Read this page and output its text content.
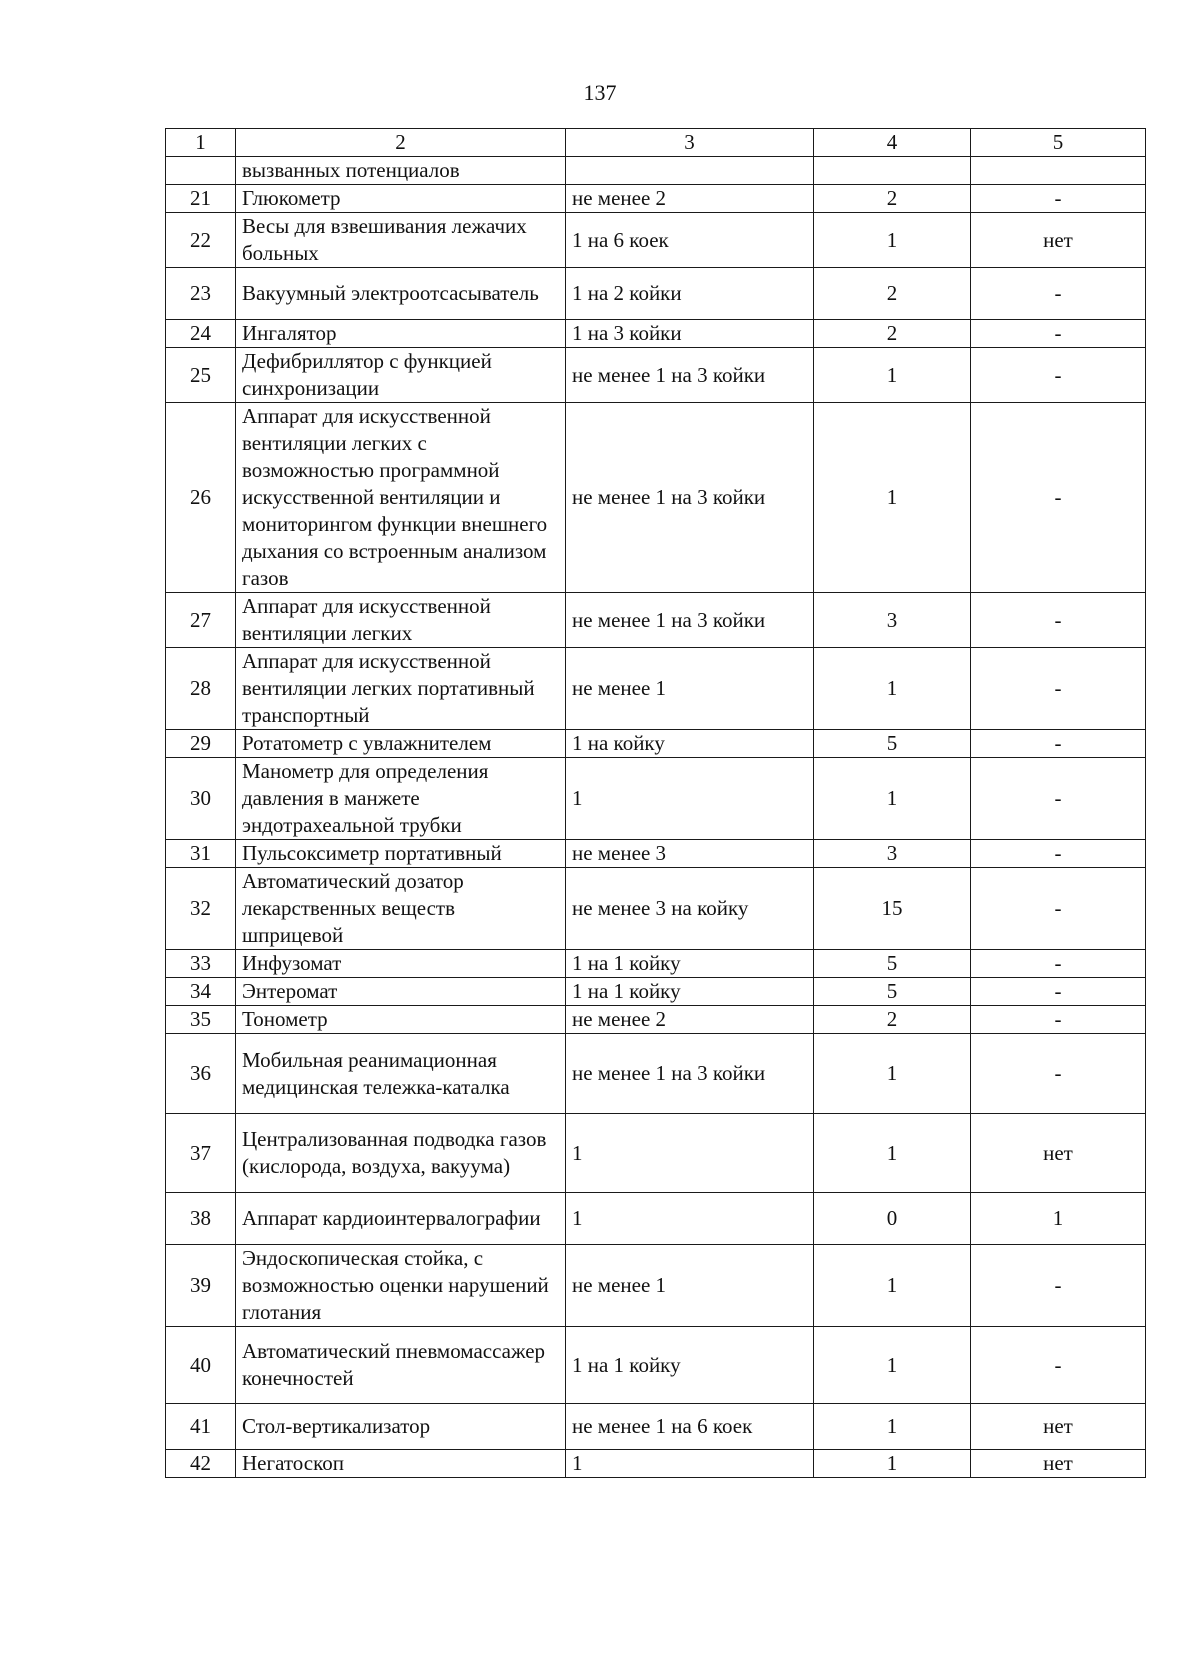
137
1	2	3	4	5
	вызванных потенциалов			
21	Глюкометр	не менее 2	2	-
22	Весы для взвешивания лежачих больных	1 на 6 коек	1	нет
23	Вакуумный электроотсасыватель	1 на 2 койки	2	-
24	Ингалятор	1 на 3 койки	2	-
25	Дефибриллятор с функцией синхронизации	не менее 1 на 3 койки	1	-
26	Аппарат для искусственной вентиляции легких с возможностью программной искусственной вентиляции и мониторингом функции внешнего дыхания со встроенным анализом газов	не менее 1 на 3 койки	1	-
27	Аппарат для искусственной вентиляции легких	не менее 1 на 3 койки	3	-
28	Аппарат для искусственной вентиляции легких портативный транспортный	не менее 1	1	-
29	Ротатометр с увлажнителем	1 на койку	5	-
30	Манометр для определения давления в манжете эндотрахеальной трубки	1	1	-
31	Пульсоксиметр портативный	не менее 3	3	-
32	Автоматический дозатор лекарственных веществ шприцевой	не менее 3 на койку	15	-
33	Инфузомат	1 на 1 койку	5	-
34	Энтеромат	1 на 1 койку	5	-
35	Тонометр	не менее 2	2	-
36	Мобильная реанимационная медицинская тележка-каталка	не менее 1 на 3 койки	1	-
37	Централизованная подводка газов (кислорода, воздуха, вакуума)	1	1	нет
38	Аппарат кардиоинтервалографии	1	0	1
39	Эндоскопическая стойка, с возможностью оценки нарушений глотания	не менее 1	1	-
40	Автоматический пневмомассажер конечностей	1 на 1 койку	1	-
41	Стол-вертикализатор	не менее 1 на 6 коек	1	нет
42	Негатоскоп	1	1	нет
